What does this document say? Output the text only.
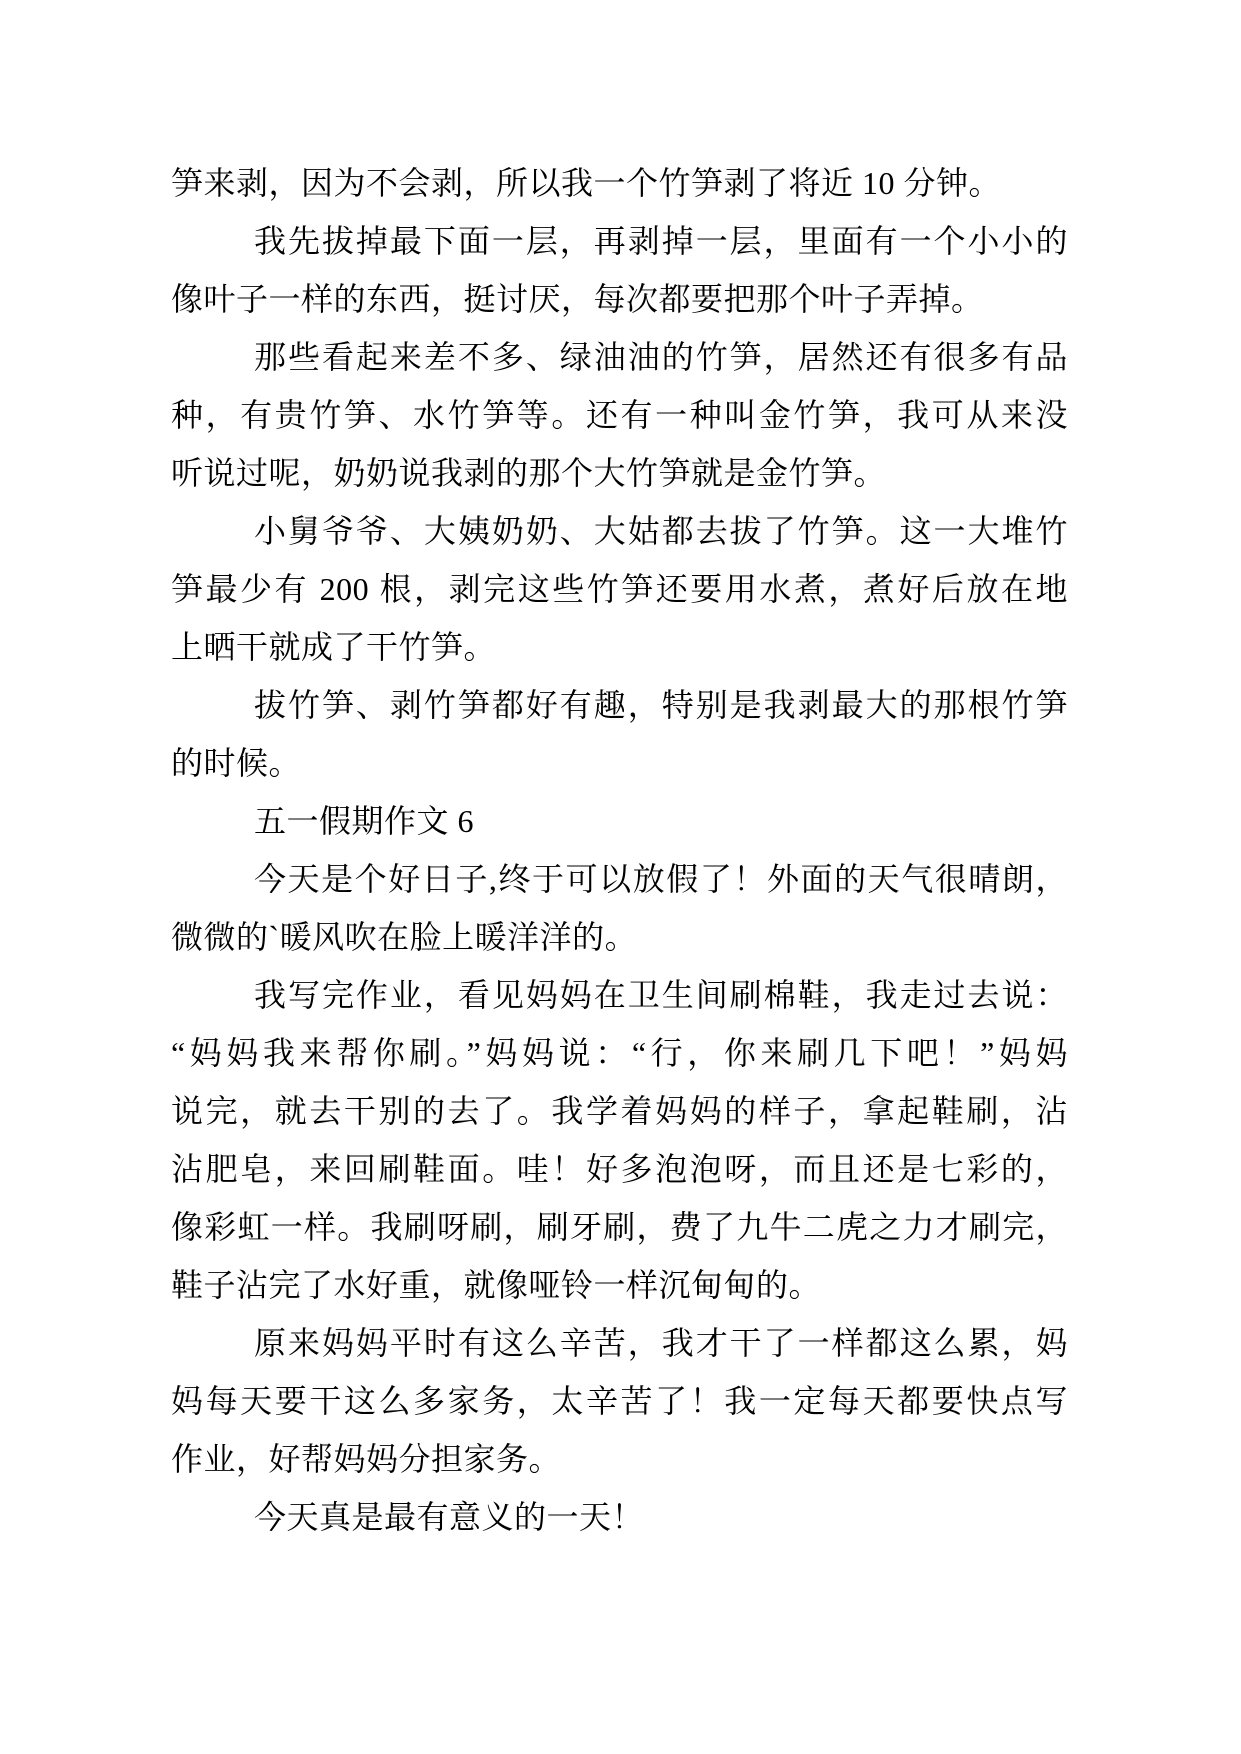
笋来剥，因为不会剥，所以我一个竹笋剥了将近 10 分钟。
我先拔掉最下面一层，再剥掉一层，里面有一个小小的
像叶子一样的东西，挺讨厌，每次都要把那个叶子弄掉。
那些看起来差不多、绿油油的竹笋，居然还有很多有品
种，有贵竹笋、水竹笋等。还有一种叫金竹笋，我可从来没
听说过呢，奶奶说我剥的那个大竹笋就是金竹笋。
小舅爷爷、大姨奶奶、大姑都去拔了竹笋。这一大堆竹
笋最少有 200 根，剥完这些竹笋还要用水煮，煮好后放在地
上晒干就成了干竹笋。
拔竹笋、剥竹笋都好有趣，特别是我剥最大的那根竹笋
的时候。
五一假期作文 6
今天是个好日子,终于可以放假了！外面的天气很晴朗，
微微的`暖风吹在脸上暖洋洋的。
我写完作业，看见妈妈在卫生间刷棉鞋，我走过去说：
“妈妈我来帮你刷。”妈妈说：“行，你来刷几下吧！”妈妈
说完，就去干别的去了。我学着妈妈的样子，拿起鞋刷，沾
沾肥皂，来回刷鞋面。哇！好多泡泡呀，而且还是七彩的，
像彩虹一样。我刷呀刷，刷牙刷，费了九牛二虎之力才刷完，
鞋子沾完了水好重，就像哑铃一样沉甸甸的。
原来妈妈平时有这么辛苦，我才干了一样都这么累，妈
妈每天要干这么多家务，太辛苦了！我一定每天都要快点写
作业，好帮妈妈分担家务。
今天真是最有意义的一天！
